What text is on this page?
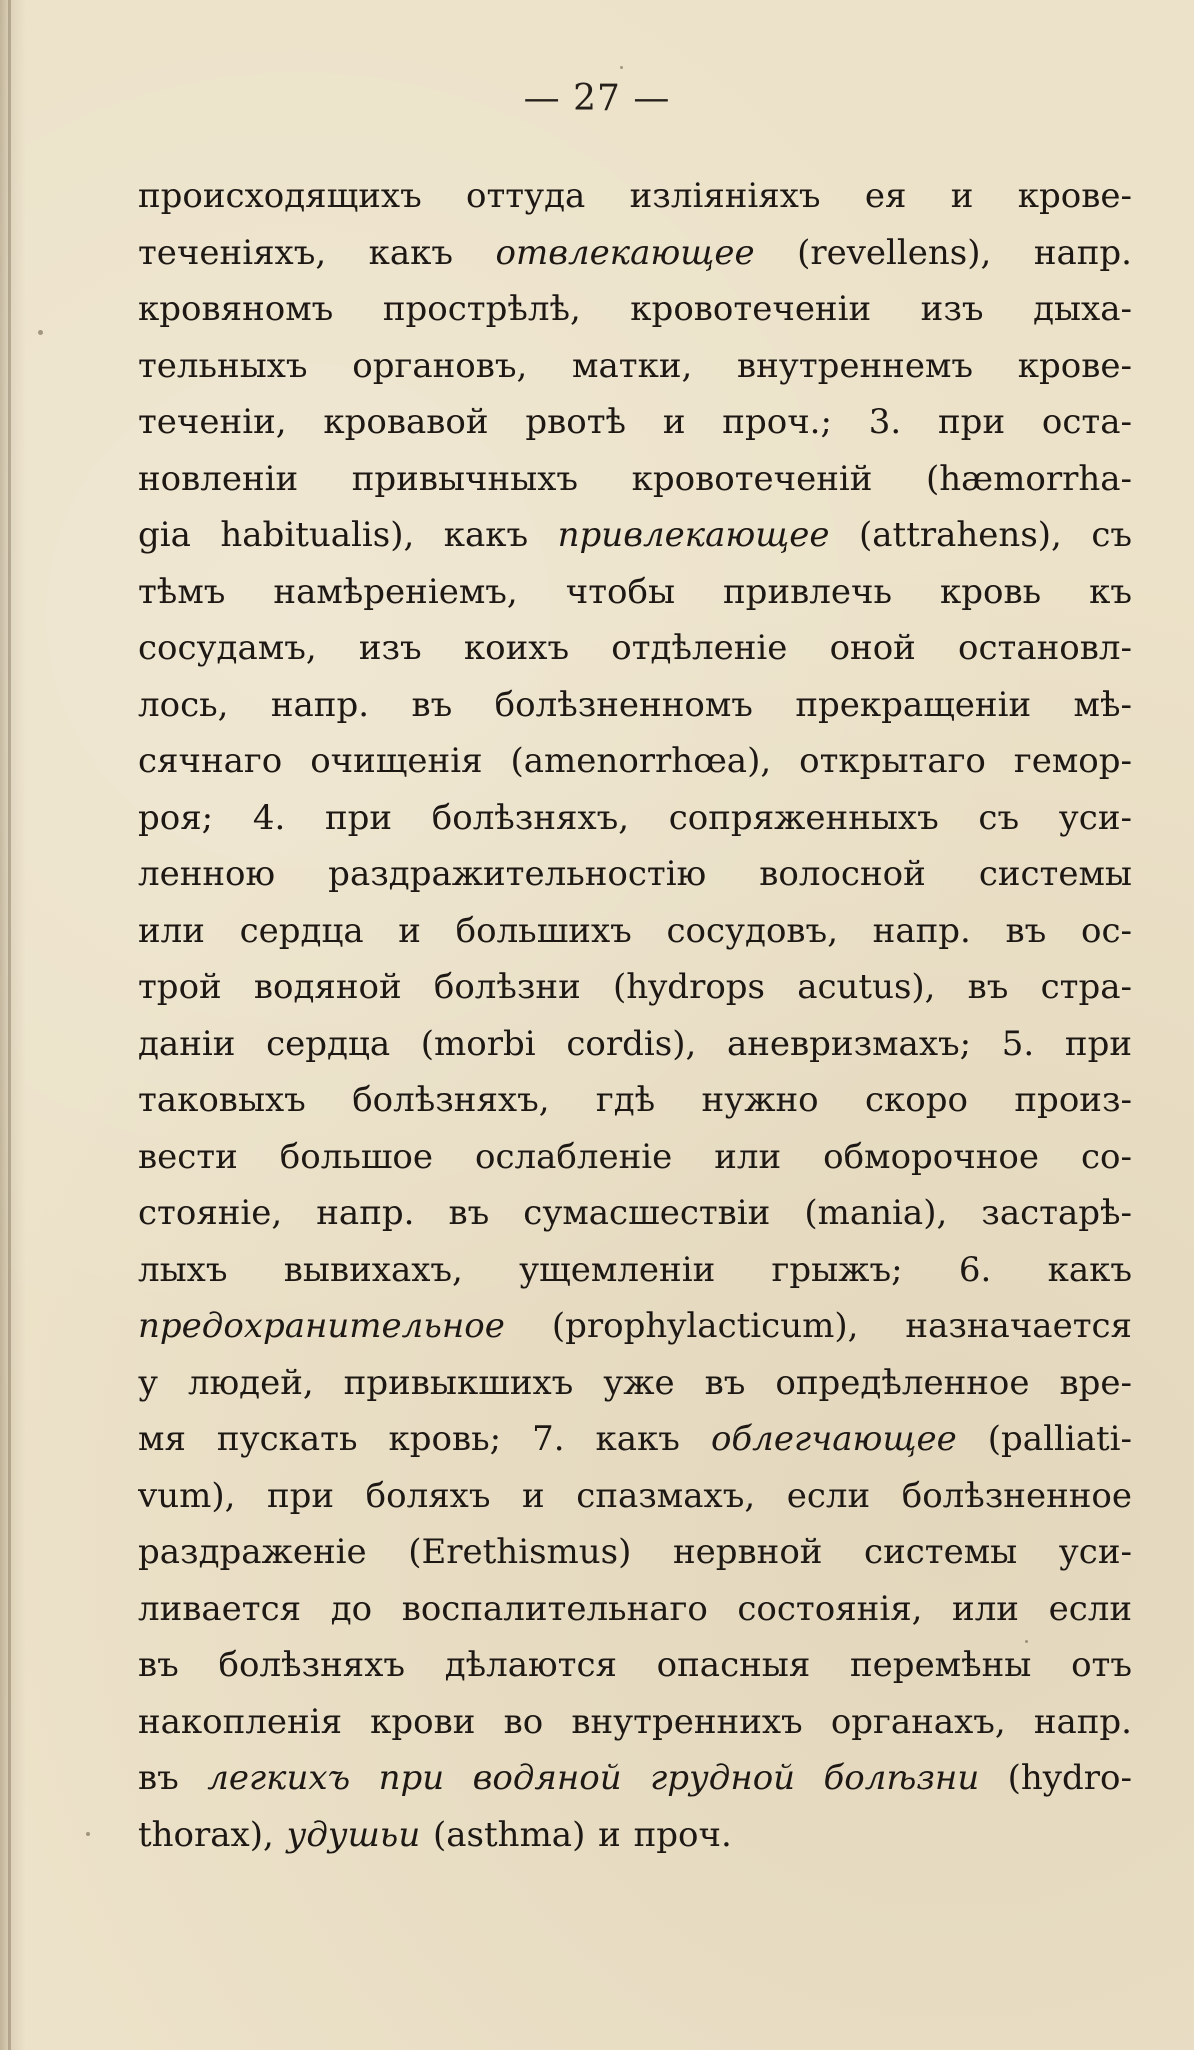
— 27 —
происходящихъ оттуда изліяніяхъ ея и крове-
теченіяхъ, какъ отвлекающее (revellens), напр.
кровяномъ прострѣлѣ, кровотеченіи изъ дыха-
тельныхъ органовъ, матки, внутреннемъ крове-
теченіи, кровавой рвотѣ и проч.; 3. при оста-
новленіи привычныхъ кровотеченій (hæmorrha-
gia habitualis), какъ привлекающее (attrahens), съ
тѣмъ намѣреніемъ, чтобы привлечь кровь къ
сосудамъ, изъ коихъ отдѣленіе оной остановл-
лось, напр. въ болѣзненномъ прекращеніи мѣ-
сячнаго очищенія (amenorrhœa), открытаго гемор-
роя; 4. при болѣзняхъ, сопряженныхъ съ уси-
ленною раздражительностію волосной системы
или сердца и большихъ сосудовъ, напр. въ ос-
трой водяной болѣзни (hydrops acutus), въ стра-
даніи сердца (morbi cordis), аневризмахъ; 5. при
таковыхъ болѣзняхъ, гдѣ нужно скоро произ-
вести большое ослабленіе или обморочное со-
стояніе, напр. въ сумасшествіи (mania), застарѣ-
лыхъ вывихахъ, ущемленіи грыжъ; 6. какъ
предохранительное (prophylacticum), назначается
у людей, привыкшихъ уже въ опредѣленное вре-
мя пускать кровь; 7. какъ облегчающее (palliati-
vum), при боляхъ и спазмахъ, если болѣзненное
раздраженіе (Erethismus) нервной системы уси-
ливается до воспалительнаго состоянія, или если
въ болѣзняхъ дѣлаются опасныя перемѣны отъ
накопленія крови во внутреннихъ органахъ, напр.
въ легкихъ при водяной грудной болѣзни (hydro-
thorax), удушьи (asthma) и проч.
